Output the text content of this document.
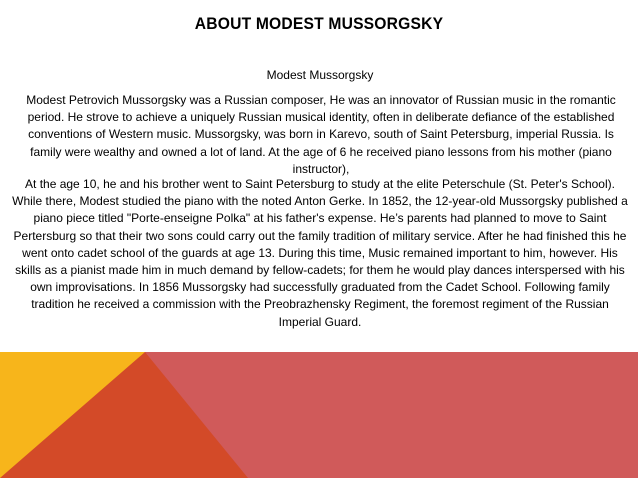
ABOUT MODEST MUSSORGSKY
Modest Mussorgsky
Modest Petrovich Mussorgsky was a Russian composer, He was an innovator of Russian music in the romantic period. He strove to achieve a uniquely Russian musical identity, often in deliberate defiance of the established conventions of Western music. Mussorgsky, was born in Karevo, south of Saint Petersburg, imperial Russia. Is family were wealthy and owned a lot of land. At the age of 6 he received piano lessons from his mother (piano instructor),
At the age 10, he and his brother went to Saint Petersburg to study at the elite Peterschule (St. Peter's School). While there, Modest studied the piano with the noted Anton Gerke. In 1852, the 12-year-old Mussorgsky published a piano piece titled "Porte-enseigne Polka" at his father's expense. He’s parents had planned to move to Saint Pertersburg so that their two sons could carry out the family tradition of military service. After he had finished this he went onto cadet school of the guards at age 13. During this time, Music remained important to him, however. His skills as a pianist made him in much demand by fellow-cadets; for them he would play dances interspersed with his own improvisations. In 1856 Mussorgsky had successfully graduated from the Cadet School. Following family tradition he received a commission with the Preobrazhensky Regiment, the foremost regiment of the Russian Imperial Guard.
